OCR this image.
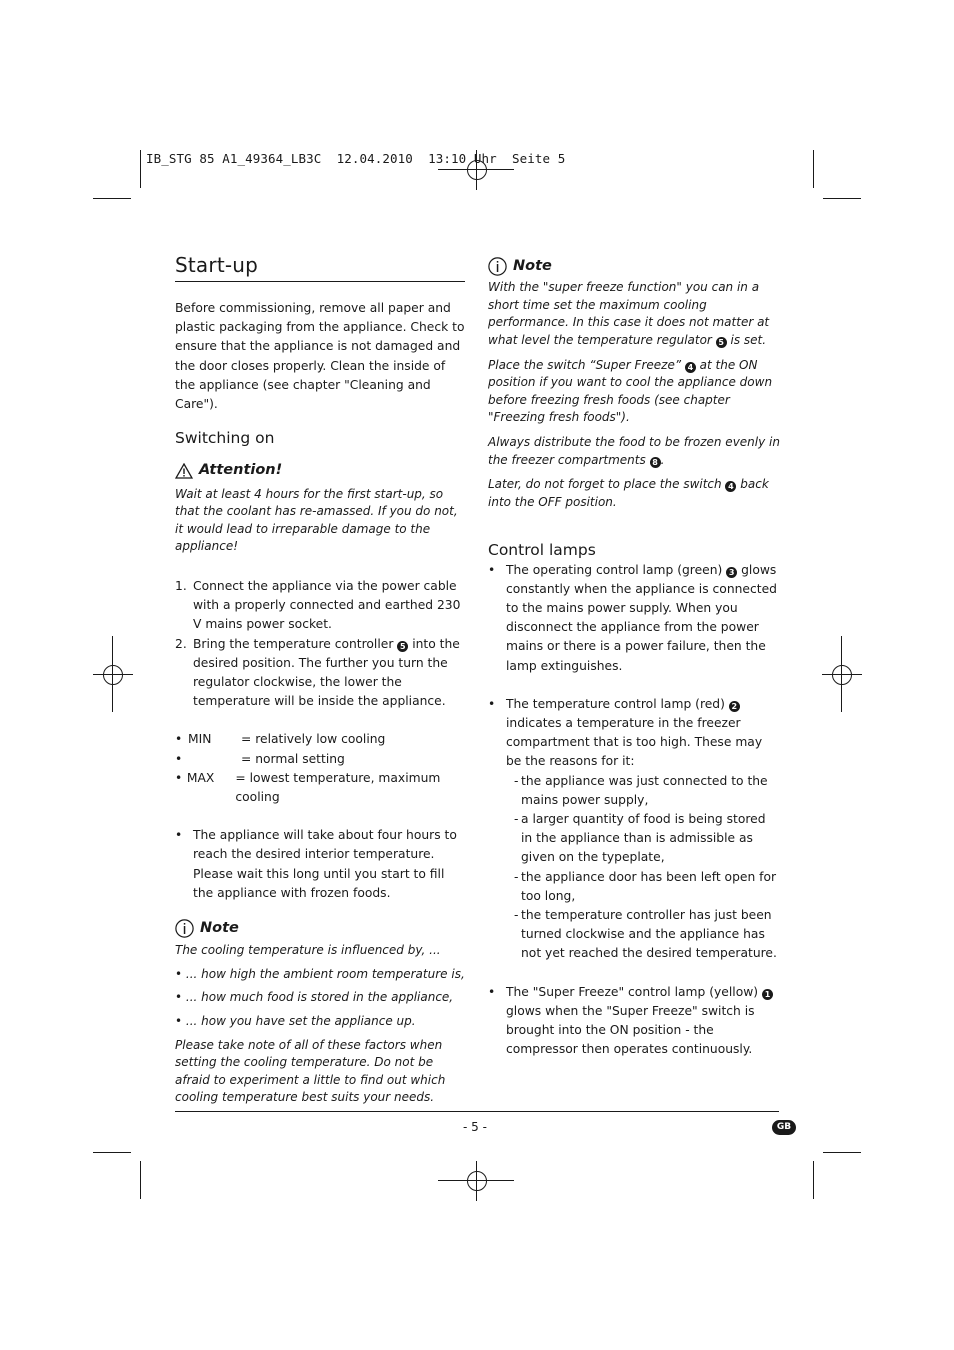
IB_STG 85 A1_49364_LB3C  12.04.2010  13:10 Uhr  Seite 5
Start-up

Before commissioning, remove all paper and plastic packaging from the appliance. Check to ensure that the appliance is not damaged and the door closes properly. Clean the inside of the appliance (see chapter "Cleaning and Care").

Switching on
Attention!

Wait at least 4 hours for the first start-up, so that the coolant has re-amassed. If you do not, it would lead to irreparable damage to the appliance!

1. Connect the appliance via the power cable with a properly connected and earthed 230 V mains power socket.
2. Bring the temperature controller 5 into the desired position. The further you turn the regulator clockwise, the lower the temperature will be inside the appliance.
• MIN	= relatively low cooling
•	= normal setting
• MAX	= lowest temperature, maximum cooling
• The appliance will take about four hours to reach the desired interior temperature. Please wait this long until you start to fill the appliance with frozen foods.
Note

The cooling temperature is influenced by, ...

• ... how high the ambient room temperature is,

• ... how much food is stored in the appliance,

• ... how you have set the appliance up.

Please take note of all of these factors when setting the cooling temperature. Do not be afraid to experiment a little to find out which cooling temperature best suits your needs.

Note

With the "super freeze function" you can in a short time set the maximum cooling performance. In this case it does not matter at what level the temperature regulator 5 is set.

Place the switch “Super Freeze” 4 at the ON position if you want to cool the appliance down before freezing fresh foods (see chapter "Freezing fresh foods").

Always distribute the food to be frozen evenly in the freezer compartments 8 .

Later, do not forget to place the switch 4 back into the OFF position.

Control lamps
• The operating control lamp (green) 3 glows constantly when the appliance is connected to the mains power supply. When you disconnect the appliance from the power mains or there is a power failure, then the lamp extinguishes.
• The temperature control lamp (red) 2 indicates a temperature in the freezer compartment that is too high. These may be the reasons for it:
- the appliance was just connected to the mains power supply,
- a larger quantity of food is being stored in the appliance than is admissible as given on the typeplate,
- the appliance door has been left open for too long,
- the temperature controller has just been turned clockwise and the appliance has not yet reached the desired temperature.
• The "Super Freeze" control lamp (yellow) 1 glows when the "Super Freeze" switch is brought into the ON position - the compressor then operates continuously.
- 5 -	GB
